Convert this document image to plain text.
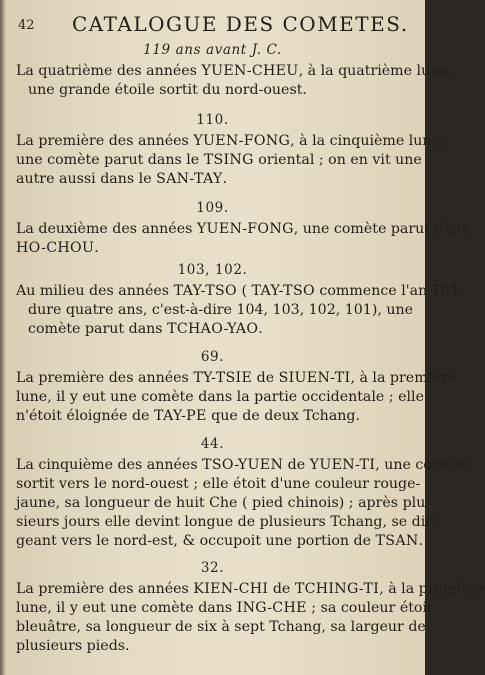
42 CATALOGUE DES COMETES.
119 ans avant J. C.
La quatrième des années YUEN-CHEU, à la quatrième lune,
une grande étoile sortit du nord-ouest.
110.
La première des années YUEN-FONG, à la cinquième lune ;
une comète parut dans le TSING oriental ; on en vit une
autre aussi dans le SAN-TAY.
109.
La deuxième des années YUEN-FONG, une comète parut dans
HO-CHOU.
103, 102.
Au milieu des années TAY-TSO ( TAY-TSO commence l'an 104,
dure quatre ans, c'est-à-dire 104, 103, 102, 101), une
comète parut dans TCHAO-YAO.
69.
La première des années TY-TSIE de SIUEN-TI, à la première
lune, il y eut une comète dans la partie occidentale ; elle
n'étoit éloignée de TAY-PE que de deux Tchang.
44.
La cinquième des années TSO-YUEN de YUEN-TI, une comète
sortit vers le nord-ouest ; elle étoit d'une couleur rouge-
jaune, sa longueur de huit Che ( pied chinois) ; après plu-
sieurs jours elle devint longue de plusieurs Tchang, se diri-
geant vers le nord-est, & occupoit une portion de TSAN.
32.
La première des années KIEN-CHI de TCHING-TI, à la première
lune, il y eut une comète dans ING-CHE ; sa couleur étoit
bleuâtre, sa longueur de six à sept Tchang, sa largeur de
plusieurs pieds.
